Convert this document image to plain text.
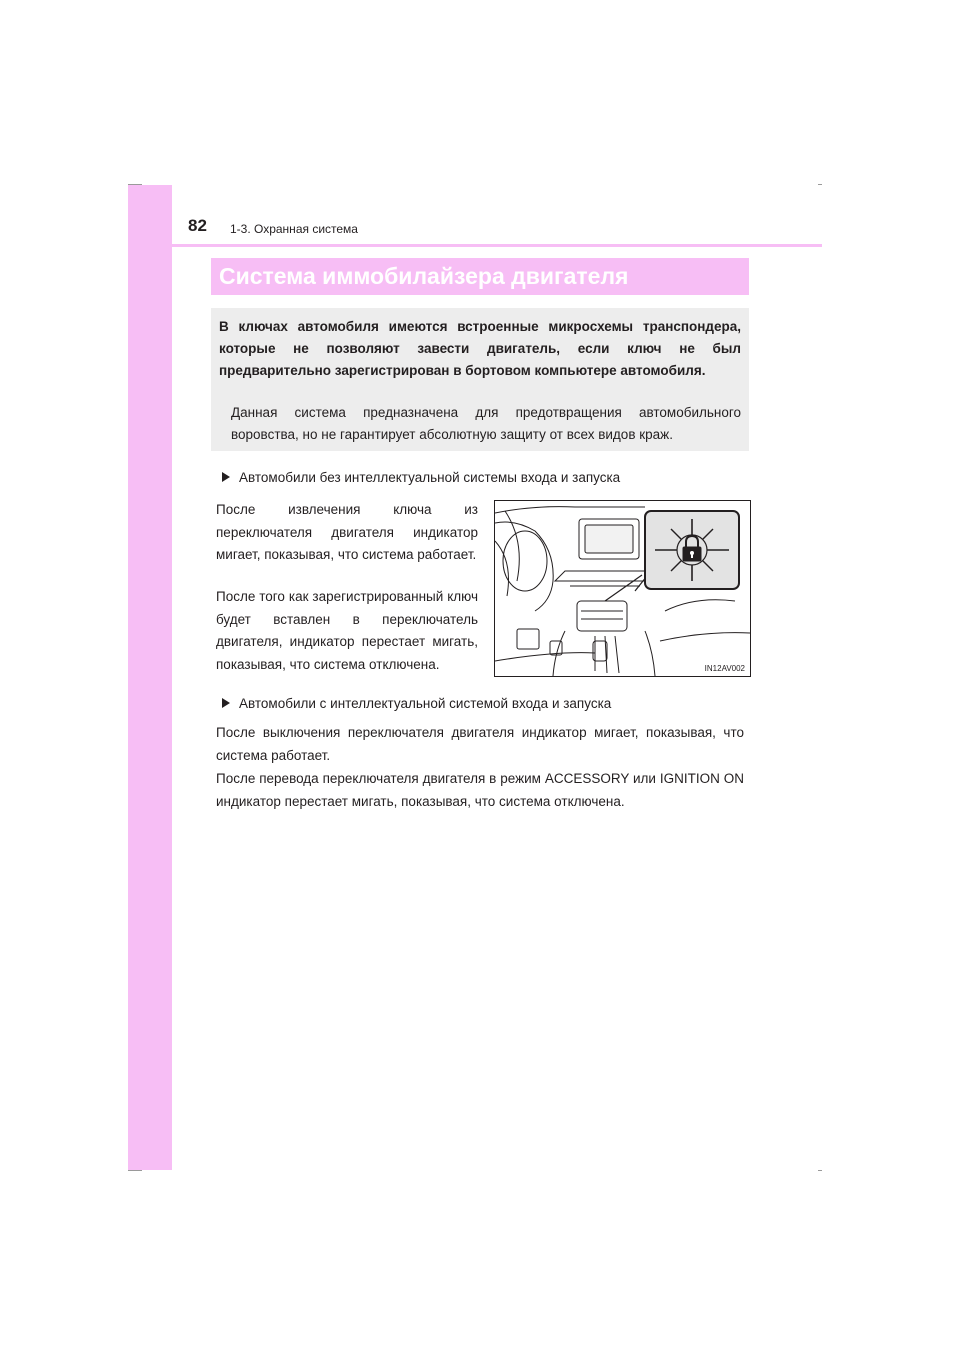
82 1-3. Охранная система
Система иммобилайзера двигателя
В ключах автомобиля имеются встроенные микросхемы транспондера, которые не позволяют завести двигатель, если ключ не был предварительно зарегистрирован в бортовом компьютере автомобиля.
Данная система предназначена для предотвращения автомобильного воровства, но не гарантирует абсолютную защиту от всех видов краж.
Автомобили без интеллектуальной системы входа и запуска
После извлечения ключа из переключателя двигателя индикатор мигает, показывая, что система работает.
После того как зарегистрированный ключ будет вставлен в переключатель двигателя, индикатор перестает мигать, показывая, что система отключена.	IN12AV002
Автомобили с интеллектуальной системой входа и запуска
После выключения переключателя двигателя индикатор мигает, показывая, что система работает.
После перевода переключателя двигателя в режим ACCESSORY или IGNITION ON индикатор перестает мигать, показывая, что система отключена.
